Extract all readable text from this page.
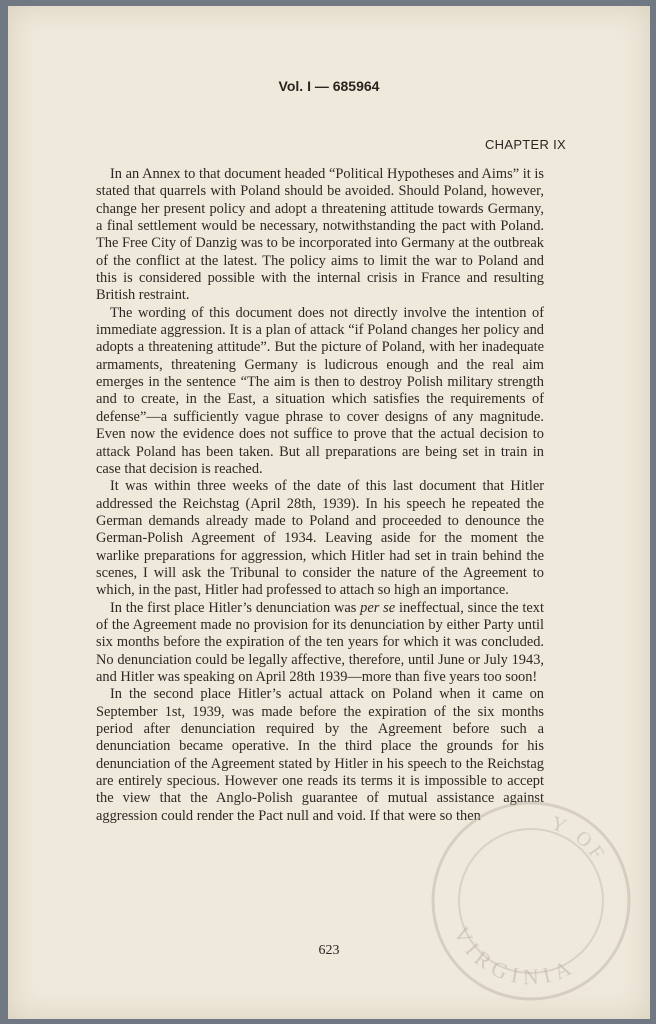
Vol. I — 685964
CHAPTER IX

In an Annex to that document headed “Political Hypotheses and Aims” it is stated that quarrels with Poland should be avoided. Should Poland, however, change her present policy and adopt a threatening attitude towards Germany, a final settlement would be necessary, notwithstanding the pact with Poland. The Free City of Danzig was to be incorporated into Germany at the outbreak of the conflict at the latest. The policy aims to limit the war to Poland and this is considered possible with the internal crisis in France and resulting British restraint.

The wording of this document does not directly involve the intention of immediate aggression. It is a plan of attack “if Poland changes her policy and adopts a threatening attitude”. But the picture of Poland, with her inadequate armaments, threatening Germany is ludicrous enough and the real aim emerges in the sentence “The aim is then to destroy Polish military strength and to create, in the East, a situation which satisfies the requirements of defense”—a sufficiently vague phrase to cover designs of any magnitude. Even now the evidence does not suffice to prove that the actual decision to attack Poland has been taken. But all preparations are being set in train in case that decision is reached.

It was within three weeks of the date of this last document that Hitler addressed the Reichstag (April 28th, 1939). In his speech he repeated the German demands already made to Poland and proceeded to denounce the German-Polish Agreement of 1934. Leaving aside for the moment the warlike preparations for aggression, which Hitler had set in train behind the scenes, I will ask the Tribunal to consider the nature of the Agreement to which, in the past, Hitler had professed to attach so high an importance.

In the first place Hitler’s denunciation was per se ineffectual, since the text of the Agreement made no provision for its denunciation by either Party until six months before the expiration of the ten years for which it was concluded. No denunciation could be legally affective, therefore, until June or July 1943, and Hitler was speaking on April 28th 1939—more than five years too soon!

In the second place Hitler’s actual attack on Poland when it came on September 1st, 1939, was made before the expiration of the six months period after denunciation required by the Agreement before such a denunciation became operative. In the third place the grounds for his denunciation of the Agreement stated by Hitler in his speech to the Reichstag are entirely specious. However one reads its terms it is impossible to accept the view that the Anglo-Polish guarantee of mutual assistance against aggression could render the Pact null and void. If that were so then

623
Y OF
VIRGINIA
